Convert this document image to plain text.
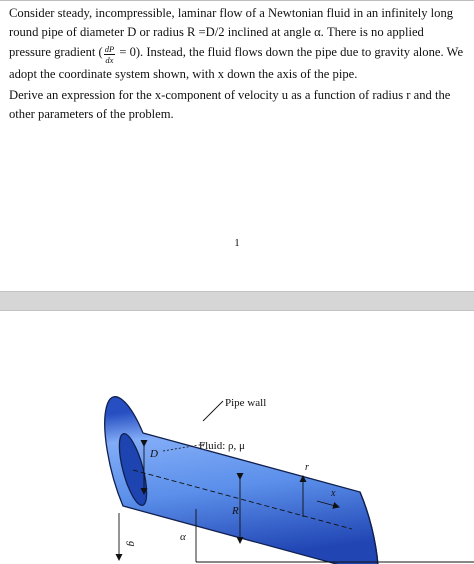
Consider steady, incompressible, laminar flow of a Newtonian fluid in an infinitely long round pipe of diameter D or radius R =D/2 inclined at angle α. There is no applied pressure gradient ( $\frac{dP}{dx} = 0$). Instead, the fluid flows down the pipe due to gravity alone. We adopt the coordinate system shown, with x down the axis of the pipe.

Derive an expression for the x-component of velocity u as a function of radius r and the other parameters of the problem.

1
D
R
r
x
Pipe wall
Fluid: ρ, μ
α
g
